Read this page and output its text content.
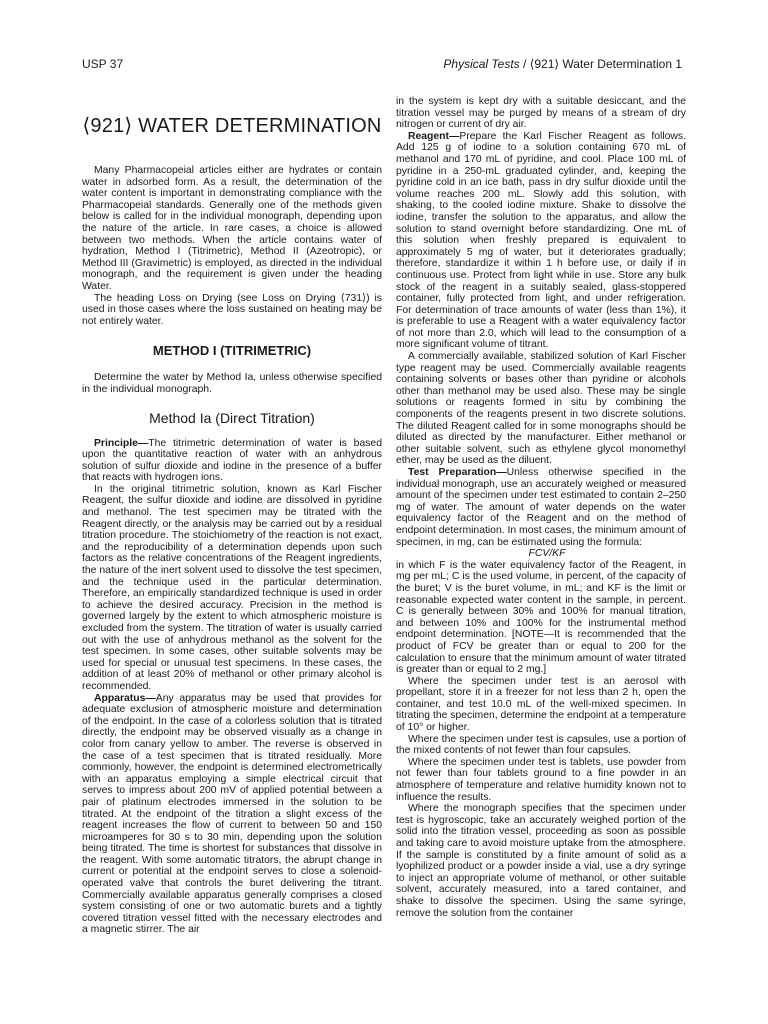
USP 37	Physical Tests / ⟨921⟩ Water Determination 1
⟨921⟩ WATER DETERMINATION

Many Pharmacopeial articles either are hydrates or contain water in adsorbed form. As a result, the determination of the water content is important in demonstrating compliance with the Pharmacopeial standards. Generally one of the methods given below is called for in the individual monograph, depending upon the nature of the article. In rare cases, a choice is allowed between two methods. When the article contains water of hydration, Method I (Titrimetric), Method II (Azeotropic), or Method III (Gravimetric) is employed, as directed in the individual monograph, and the requirement is given under the heading Water.

The heading Loss on Drying (see Loss on Drying ⟨731⟩) is used in those cases where the loss sustained on heating may be not entirely water.

METHOD I (TITRIMETRIC)

Determine the water by Method Ia, unless otherwise specified in the individual monograph.

Method Ia (Direct Titration)

Principle—The titrimetric determination of water is based upon the quantitative reaction of water with an anhydrous solution of sulfur dioxide and iodine in the presence of a buffer that reacts with hydrogen ions.

In the original titrimetric solution, known as Karl Fischer Reagent, the sulfur dioxide and iodine are dissolved in pyridine and methanol. The test specimen may be titrated with the Reagent directly, or the analysis may be carried out by a residual titration procedure. The stoichiometry of the reaction is not exact, and the reproducibility of a determination depends upon such factors as the relative concentrations of the Reagent ingredients, the nature of the inert solvent used to dissolve the test specimen, and the technique used in the particular determination. Therefore, an empirically standardized technique is used in order to achieve the desired accuracy. Precision in the method is governed largely by the extent to which atmospheric moisture is excluded from the system. The titration of water is usually carried out with the use of anhydrous methanol as the solvent for the test specimen. In some cases, other suitable solvents may be used for special or unusual test specimens. In these cases, the addition of at least 20% of methanol or other primary alcohol is recommended.

Apparatus—Any apparatus may be used that provides for adequate exclusion of atmospheric moisture and determination of the endpoint. In the case of a colorless solution that is titrated directly, the endpoint may be observed visually as a change in color from canary yellow to amber. The reverse is observed in the case of a test specimen that is titrated residually. More commonly, however, the endpoint is determined electrometrically with an apparatus employing a simple electrical circuit that serves to impress about 200 mV of applied potential between a pair of platinum electrodes immersed in the solution to be titrated. At the endpoint of the titration a slight excess of the reagent increases the flow of current to between 50 and 150 microamperes for 30 s to 30 min, depending upon the solution being titrated. The time is shortest for substances that dissolve in the reagent. With some automatic titrators, the abrupt change in current or potential at the endpoint serves to close a solenoid-operated valve that controls the buret delivering the titrant. Commercially available apparatus generally comprises a closed system consisting of one or two automatic burets and a tightly covered titration vessel fitted with the necessary electrodes and a magnetic stirrer. The air

in the system is kept dry with a suitable desiccant, and the titration vessel may be purged by means of a stream of dry nitrogen or current of dry air.

Reagent—Prepare the Karl Fischer Reagent as follows. Add 125 g of iodine to a solution containing 670 mL of methanol and 170 mL of pyridine, and cool. Place 100 mL of pyridine in a 250-mL graduated cylinder, and, keeping the pyridine cold in an ice bath, pass in dry sulfur dioxide until the volume reaches 200 mL. Slowly add this solution, with shaking, to the cooled iodine mixture. Shake to dissolve the iodine, transfer the solution to the apparatus, and allow the solution to stand overnight before standardizing. One mL of this solution when freshly prepared is equivalent to approximately 5 mg of water, but it deteriorates gradually; therefore, standardize it within 1 h before use, or daily if in continuous use. Protect from light while in use. Store any bulk stock of the reagent in a suitably sealed, glass-stoppered container, fully protected from light, and under refrigeration. For determination of trace amounts of water (less than 1%), it is preferable to use a Reagent with a water equivalency factor of not more than 2.0, which will lead to the consumption of a more significant volume of titrant.

A commercially available, stabilized solution of Karl Fischer type reagent may be used. Commercially available reagents containing solvents or bases other than pyridine or alcohols other than methanol may be used also. These may be single solutions or reagents formed in situ by combining the components of the reagents present in two discrete solutions. The diluted Reagent called for in some monographs should be diluted as directed by the manufacturer. Either methanol or other suitable solvent, such as ethylene glycol monomethyl ether, may be used as the diluent.

Test Preparation—Unless otherwise specified in the individual monograph, use an accurately weighed or measured amount of the specimen under test estimated to contain 2–250 mg of water. The amount of water depends on the water equivalency factor of the Reagent and on the method of endpoint determination. In most cases, the minimum amount of specimen, in mg, can be estimated using the formula:

FCV/KF

in which F is the water equivalency factor of the Reagent, in mg per mL; C is the used volume, in percent, of the capacity of the buret; V is the buret volume, in mL; and KF is the limit or reasonable expected water content in the sample, in percent. C is generally between 30% and 100% for manual titration, and between 10% and 100% for the instrumental method endpoint determination. [NOTE—It is recommended that the product of FCV be greater than or equal to 200 for the calculation to ensure that the minimum amount of water titrated is greater than or equal to 2 mg.]

Where the specimen under test is an aerosol with propellant, store it in a freezer for not less than 2 h, open the container, and test 10.0 mL of the well-mixed specimen. In titrating the specimen, determine the endpoint at a temperature of 10° or higher.

Where the specimen under test is capsules, use a portion of the mixed contents of not fewer than four capsules.

Where the specimen under test is tablets, use powder from not fewer than four tablets ground to a fine powder in an atmosphere of temperature and relative humidity known not to influence the results.

Where the monograph specifies that the specimen under test is hygroscopic, take an accurately weighed portion of the solid into the titration vessel, proceeding as soon as possible and taking care to avoid moisture uptake from the atmosphere. If the sample is constituted by a finite amount of solid as a lyophilized product or a powder inside a vial, use a dry syringe to inject an appropriate volume of methanol, or other suitable solvent, accurately measured, into a tared container, and shake to dissolve the specimen. Using the same syringe, remove the solution from the container
